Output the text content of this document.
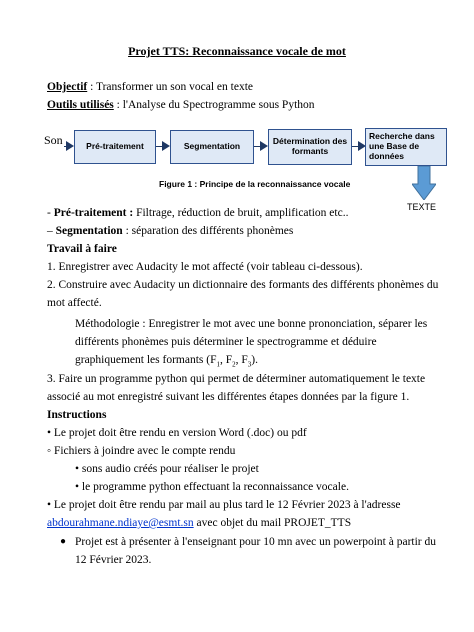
Projet TTS: Reconnaissance vocale de mot
Objectif : Transformer un son vocal en texte
Outils utilisés : l'Analyse du Spectrogramme sous Python
Son	Pré-traitement	Segmentation	Détermination des formants
Recherche dans une Base de données
TEXTE
Figure 1 : Principe de la reconnaissance vocale
- Pré-traitement : Filtrage, réduction de bruit, amplification etc..
– Segmentation : séparation des différents phonèmes
Travail à faire
1. Enregistrer avec Audacity le mot affecté (voir tableau ci-dessous).
2. Construire avec Audacity un dictionnaire des formants des différents phonèmes du
mot affecté.
Méthodologie : Enregistrer le mot avec une bonne prononciation, séparer les
différents phonèmes puis déterminer le spectrogramme et déduire
graphiquement les formants ($F_1$, $F_2$, $F_3$).
3. Faire un programme python qui permet de déterminer automatiquement le texte
associé au mot enregistré suivant les différentes étapes données par la figure 1.
Instructions
• Le projet doit être rendu en version Word (.doc) ou pdf
◦ Fichiers à joindre avec le compte rendu
• sons audio créés pour réaliser le projet
• le programme python effectuant la reconnaissance vocale.
• Le projet doit être rendu par mail au plus tard le 12 Février 2023 à l'adresse
abdourahmane.ndiaye@esmt.sn avec objet du mail PROJET_TTS
● Projet est à présenter à l'enseignant pour 10 mn avec un powerpoint à partir du
12 Février 2023.
